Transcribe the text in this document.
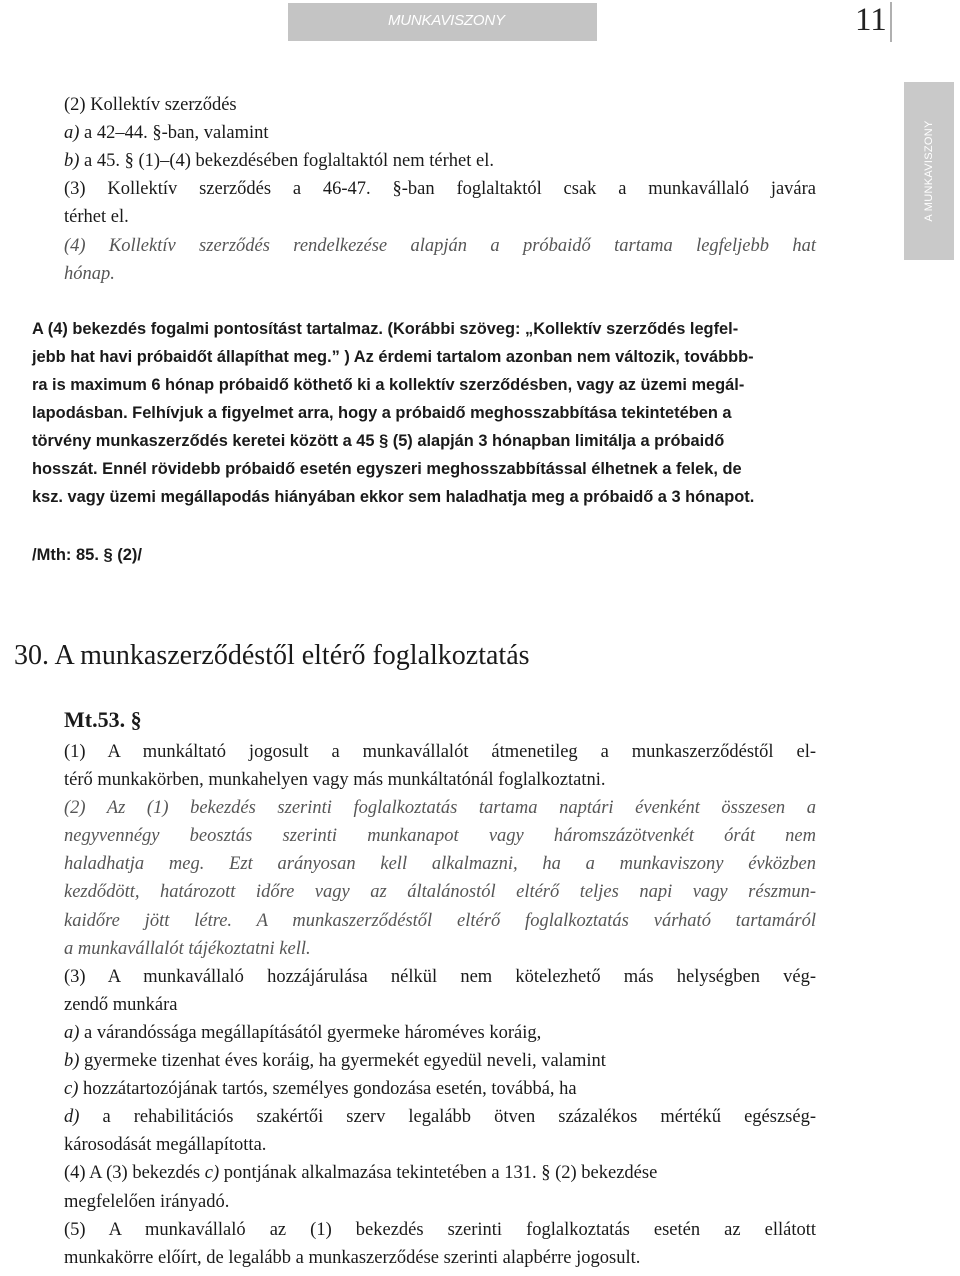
MUNKAVISZONY	11
A MUNKAVISZONY
(2) Kollektív szerződés
a) a 42–44. §-ban, valamint
b) a 45. § (1)–(4) bekezdésében foglaltaktól nem térhet el.
(3) Kollektív szerződés a 46-47. §-ban foglaltaktól csak a munkavállaló javára
térhet el.
(4) Kollektív szerződés rendelkezése alapján a próbaidő tartama legfeljebb hat
hónap.
A (4) bekezdés fogalmi pontosítást tartalmaz. (Korábbi szöveg: „Kollektív szerződés legfel-
jebb hat havi próbaidőt állapíthat meg.” ) Az érdemi tartalom azonban nem változik, továbbb-
ra is maximum 6 hónap próbaidő köthető ki a kollektív szerződésben, vagy az üzemi megál-
lapodásban. Felhívjuk a figyelmet arra, hogy a próbaidő meghosszabbítása tekintetében a
törvény munkaszerződés keretei között a 45 § (5) alapján 3 hónapban limitálja a próbaidő
hosszát. Ennél rövidebb próbaidő esetén egyszeri meghosszabbítással élhetnek a felek, de
ksz. vagy üzemi megállapodás hiányában ekkor sem haladhatja meg a próbaidő a 3 hónapot.
/Mth: 85. § (2)/
30. A munkaszerződéstől eltérő foglalkoztatás
Mt.53. §
(1) A munkáltató jogosult a munkavállalót átmenetileg a munkaszerződéstől el-
térő munkakörben, munkahelyen vagy más munkáltatónál foglalkoztatni.
(2) Az (1) bekezdés szerinti foglalkoztatás tartama naptári évenként összesen a
negyvennégy beosztás szerinti munkanapot vagy háromszázötvenkét órát nem
haladhatja meg. Ezt arányosan kell alkalmazni, ha a munkaviszony évközben
kezdődött, határozott időre vagy az általánostól eltérő teljes napi vagy részmun-
kaidőre jött létre. A munkaszerződéstől eltérő foglalkoztatás várható tartamáról
a munkavállalót tájékoztatni kell.
(3) A munkavállaló hozzájárulása nélkül nem kötelezhető más helységben vég-
zendő munkára
a) a várandóssága megállapításától gyermeke hároméves koráig,
b) gyermeke tizenhat éves koráig, ha gyermekét egyedül neveli, valamint
c) hozzátartozójának tartós, személyes gondozása esetén, továbbá, ha
d) a rehabilitációs szakértői szerv legalább ötven százalékos mértékű egészség-
károsodását megállapította.
(4) A (3) bekezdés c) pontjának alkalmazása tekintetében a 131. § (2) bekezdése
megfelelően irányadó.
(5) A munkavállaló az (1) bekezdés szerinti foglalkoztatás esetén az ellátott
munkakörre előírt, de legalább a munkaszerződése szerinti alapbérre jogosult.
